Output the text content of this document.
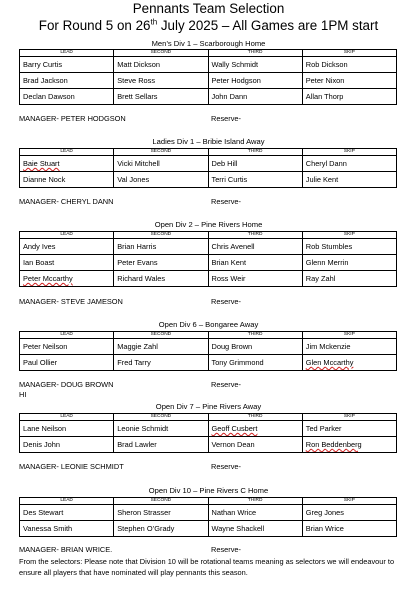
Pennants Team Selection
For Round 5 on 26th July 2025 – All Games are 1PM start
Men’s Div 1 – Scarborough Home
LEAD	SECOND	THIRD	SKIP
Barry Curtis	Matt Dickson	Wally Schmidt	Rob Dickson
Brad Jackson	Steve Ross	Peter Hodgson	Peter Nixon
Declan Dawson	Brett Sellars	John Dann	Allan Thorp
MANAGER- PETER HODGSON	Reserve-
Ladies Div 1 – Bribie Island Away
LEAD	SECOND	THIRD	SKIP
Baie Stuart	Vicki Mitchell	Deb Hill	Cheryl Dann
Dianne Nock	Val Jones	Terri Curtis	Julie Kent
MANAGER- CHERYL DANN	Reserve-
Open Div 2 – Pine Rivers Home
LEAD	SECOND	THIRD	SKIP
Andy Ives	Brian Harris	Chris Avenell	Rob Stumbles
Ian Boast	Peter Evans	Brian Kent	Glenn Merrin
Peter Mccarthy	Richard Wales	Ross Weir	Ray Zahl
MANAGER- STEVE JAMESON	Reserve-
Open Div 6 – Bongaree Away
LEAD	SECOND	THIRD	SKIP
Peter Neilson	Maggie Zahl	Doug Brown	Jim Mckenzie
Paul Ollier	Fred Tarry	Tony Grimmond	Glen Mccarthy
MANAGER- DOUG BROWN	Reserve-
HI
Open Div 7 – Pine Rivers Away
LEAD	SECOND	THIRD	SKIP
Lane Neilson	Leonie Schmidt	Geoff Cusbert	Ted Parker
Denis John	Brad Lawler	Vernon Dean	Ron Beddenberg
MANAGER- LEONIE SCHMIDT	Reserve-
Open Div 10 – Pine Rivers C Home
LEAD	SECOND	THIRD	SKIP
Des Stewart	Sheron Strasser	Nathan Wrice	Greg Jones
Vanessa Smith	Stephen O’Grady	Wayne Shackell	Brian Wrice
MANAGER- BRIAN WRICE.	Reserve-
From the selectors: Please note that Division 10 will be rotational teams meaning as selectors we will endeavour to ensure all players that have nominated will play pennants this season.
